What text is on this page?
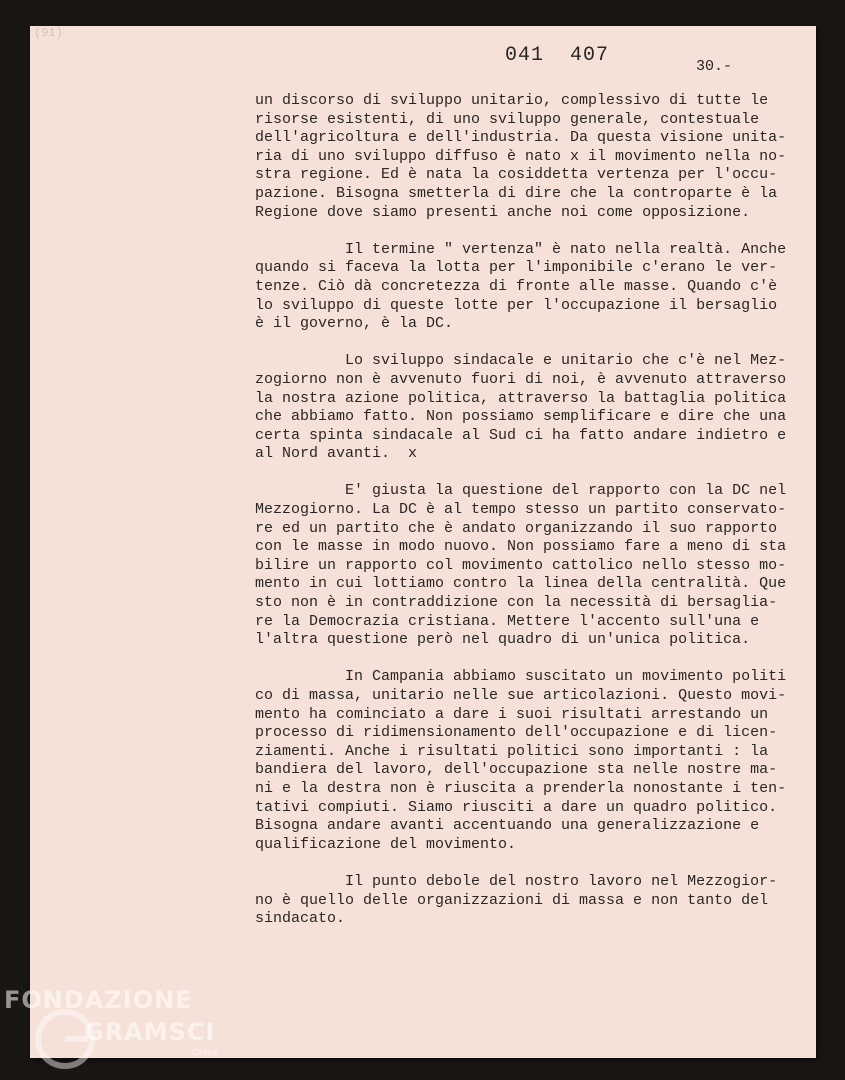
(91)
041  407	30.-
un discorso di sviluppo unitario, complessivo di tutte le
risorse esistenti, di uno sviluppo generale, contestuale
dell'agricoltura e dell'industria. Da questa visione unita-
ria di uno sviluppo diffuso è nato x il movimento nella no-
stra regione. Ed è nata la cosiddetta vertenza per l'occu-
pazione. Bisogna smetterla di dire che la controparte è la
Regione dove siamo presenti anche noi come opposizione.
Il termine " vertenza" è nato nella realtà. Anche
quando si faceva la lotta per l'imponibile c'erano le ver-
tenze. Ciò dà concretezza di fronte alle masse. Quando c'è
lo sviluppo di queste lotte per l'occupazione il bersaglio
è il governo, è la DC.
Lo sviluppo sindacale e unitario che c'è nel Mez-
zogiorno non è avvenuto fuori di noi, è avvenuto attraverso
la nostra azione politica, attraverso la battaglia politica
che abbiamo fatto. Non possiamo semplificare e dire che una
certa spinta sindacale al Sud ci ha fatto andare indietro e
al Nord avanti.  x
E' giusta la questione del rapporto con la DC nel
Mezzogiorno. La DC è al tempo stesso un partito conservato-
re ed un partito che è andato organizzando il suo rapporto
con le masse in modo nuovo. Non possiamo fare a meno di sta
bilire un rapporto col movimento cattolico nello stesso mo-
mento in cui lottiamo contro la linea della centralità. Que
sto non è in contraddizione con la necessità di bersagliа-
re la Democrazia cristiana. Mettere l'accento sull'una e
l'altra questione però nel quadro di un'unica politica.
In Campania abbiamo suscitato un movimento politi
co di massa, unitario nelle sue articolazioni. Questo movi-
mento ha cominciato a dare i suoi risultati arrestando un
processo di ridimensionamento dell'occupazione e di licen-
ziamenti. Anche i risultati politici sono importanti : la
bandiera del lavoro, dell'occupazione sta nelle nostre ma-
ni e la destra non è riuscita a prenderla nonostante i ten-
tativi compiuti. Siamo riusciti a dare un quadro politico.
Bisogna andare avanti accentuando una generalizzazione e
qualificazione del movimento.
Il punto debole del nostro lavoro nel Mezzogior-
no è quello delle organizzazioni di massa e non tanto del
sindacato.
FONDAZIONE
GRAMSCI
Onlus
